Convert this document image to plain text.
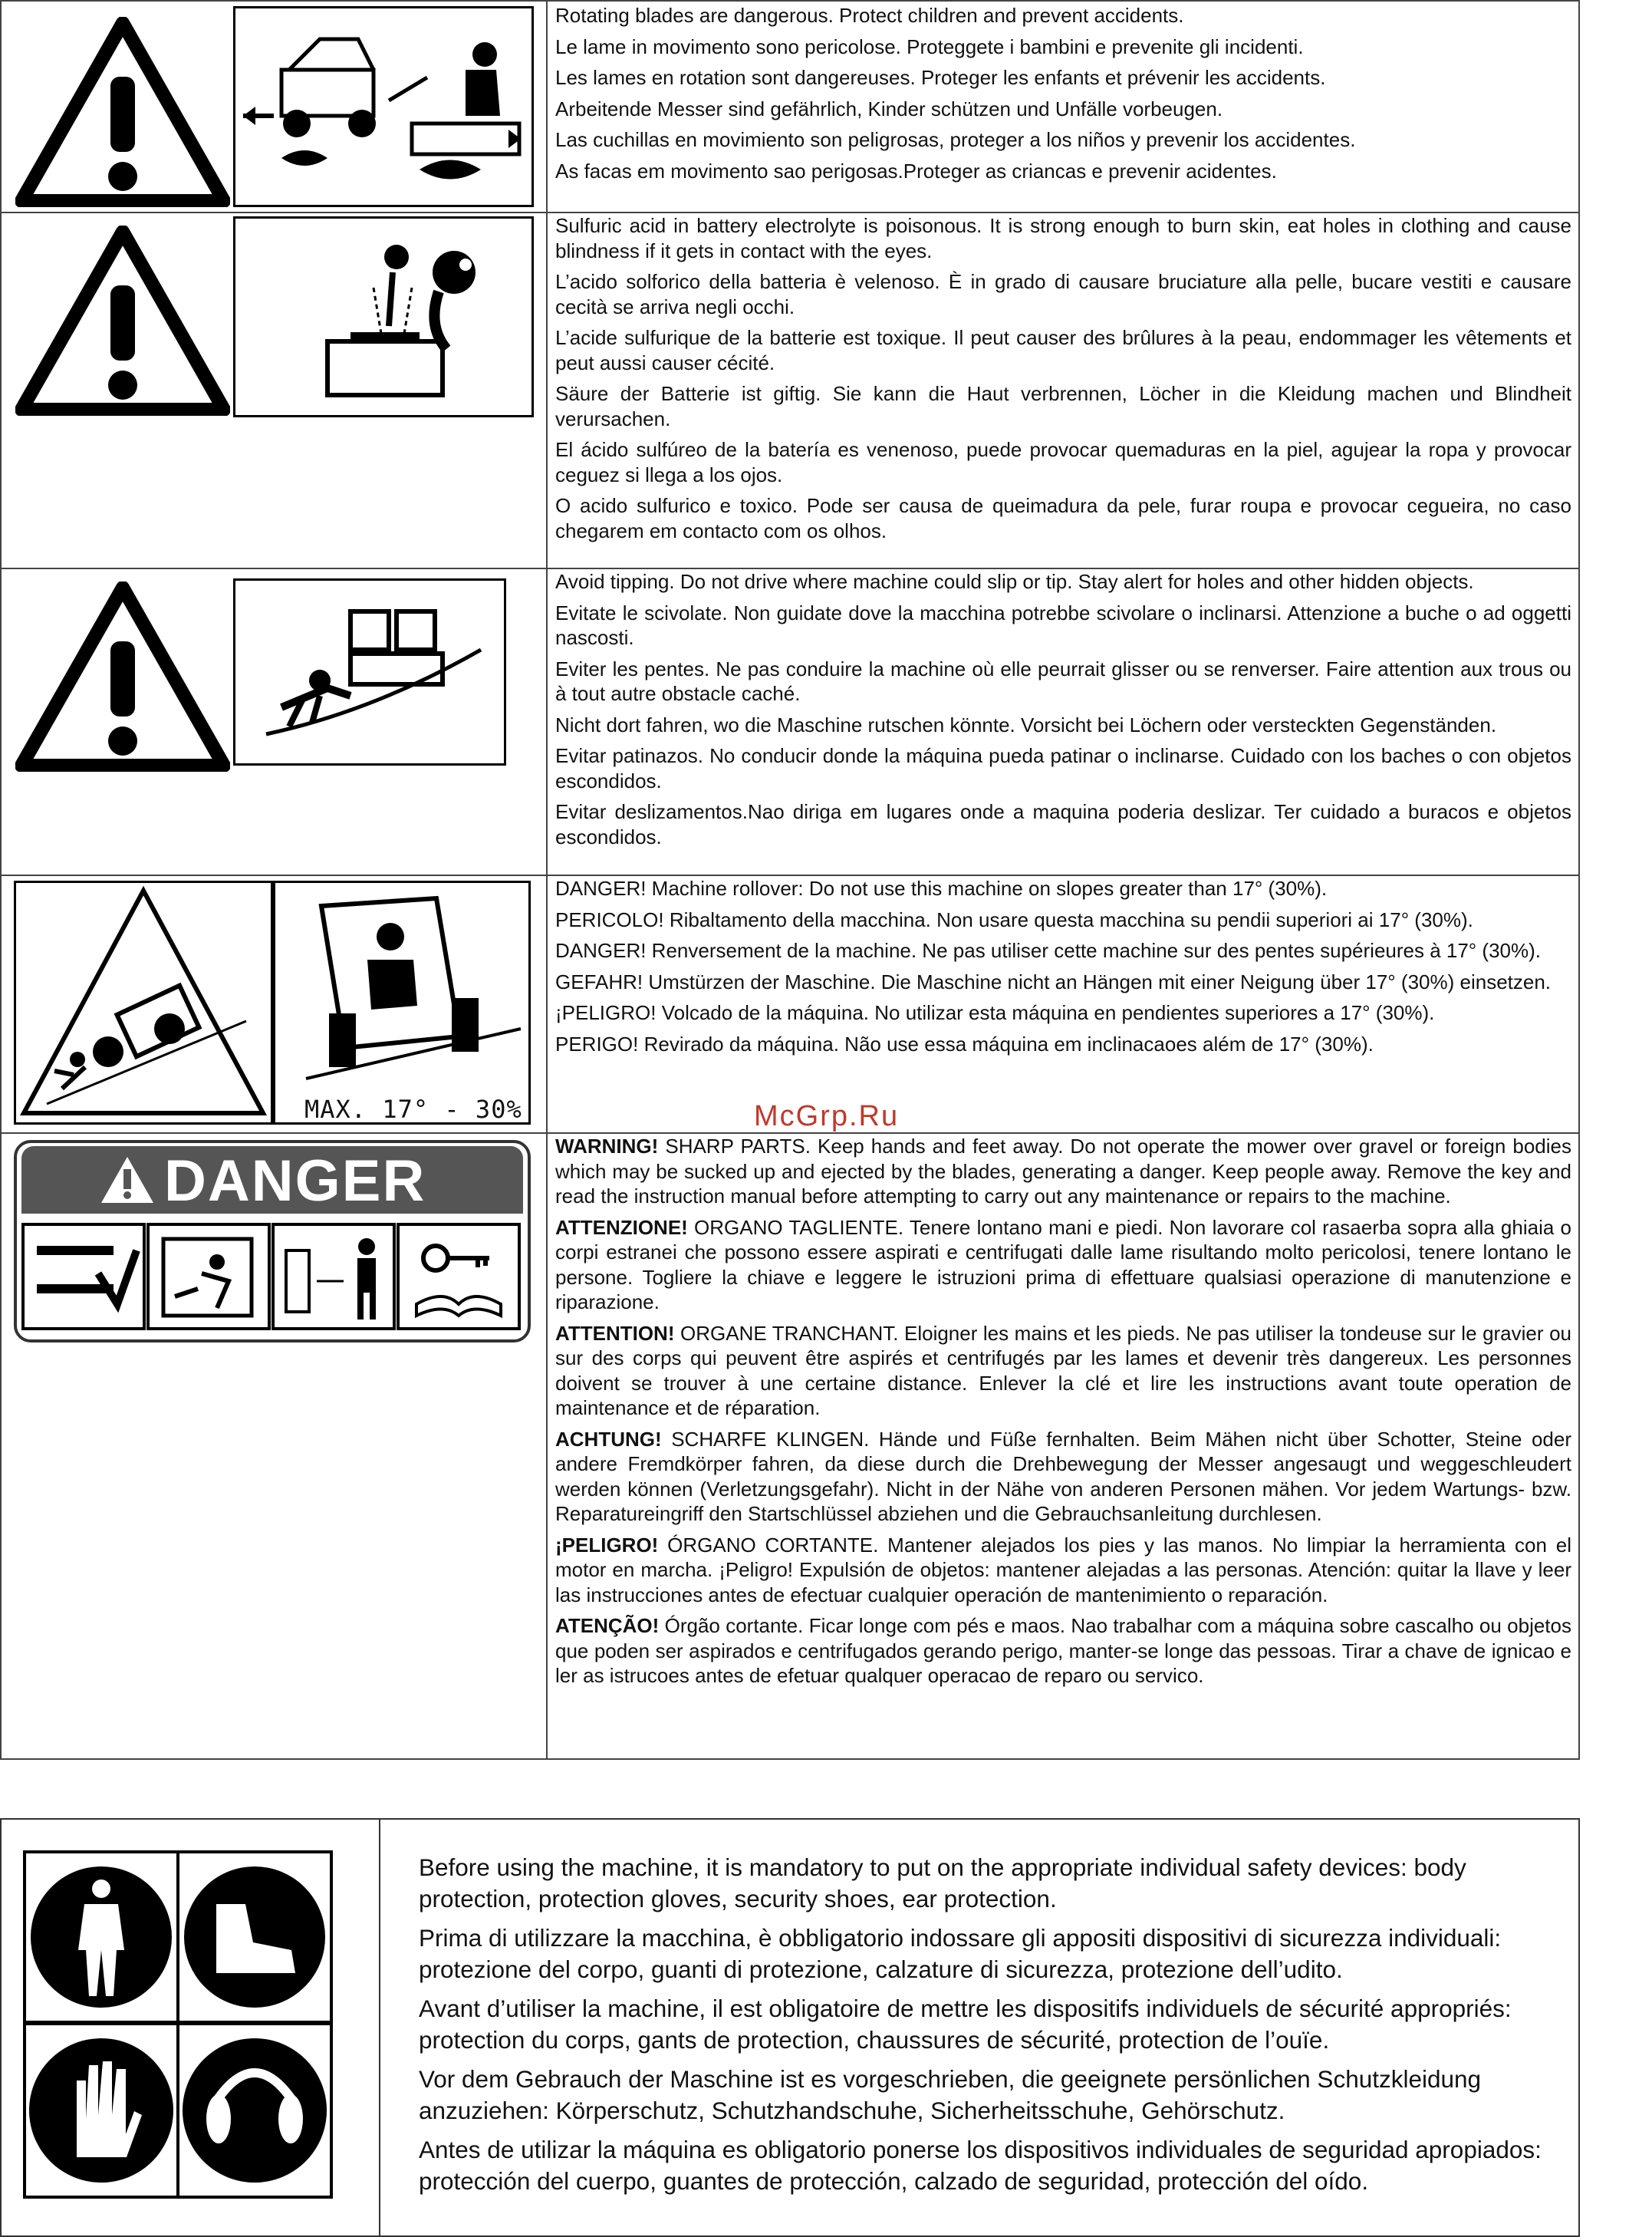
Rotating blades are dangerous. Protect children and prevent accidents.

Le lame in movimento sono pericolose. Proteggete i bambini e prevenite gli incidenti.

Les lames en rotation sont dangereuses. Proteger les enfants et prévenir les accidents.

Arbeitende Messer sind gefährlich, Kinder schützen und Unfälle vorbeugen.

Las cuchillas en movimiento son peligrosas, proteger a los niños y prevenir los accidentes.

As facas em movimento sao perigosas.Proteger as criancas e prevenir acidentes.

Sulfuric acid in battery electrolyte is poisonous. It is strong enough to burn skin, eat holes in clothing and cause blindness if it gets in contact with the eyes.

L’acido solforico della batteria è velenoso. È in grado di causare bruciature alla pelle, bucare vestiti e causare cecità se arriva negli occhi.

L’acide sulfurique de la batterie est toxique. Il peut causer des brûlures à la peau, endommager les vêtements et peut aussi causer cécité.

Säure der Batterie ist giftig. Sie kann die Haut verbrennen, Löcher in die Kleidung machen und Blindheit verursachen.

El ácido sulfúreo de la batería es venenoso, puede provocar quemaduras en la piel, agujear la ropa y provocar ceguez si llega a los ojos.

O acido sulfurico e toxico. Pode ser causa de queimadura da pele, furar roupa e provocar cegueira, no caso chegarem em contacto com os olhos.

Avoid tipping. Do not drive where machine could slip or tip. Stay alert for holes and other hidden objects.

Evitate le scivolate. Non guidate dove la macchina potrebbe scivolare o inclinarsi. Attenzione a buche o ad oggetti nascosti.

Eviter les pentes. Ne pas conduire la machine où elle peurrait glisser ou se renverser. Faire attention aux trous ou à tout autre obstacle caché.

Nicht dort fahren, wo die Maschine rutschen könnte. Vorsicht bei Löchern oder versteckten Gegenständen.

Evitar patinazos. No conducir donde la máquina pueda patinar o inclinarse. Cuidado con los baches o con objetos escondidos.

Evitar deslizamentos.Nao diriga em lugares onde a maquina poderia deslizar. Ter cuidado a buracos e objetos escondidos.

MAX. 17° - 30%

DANGER! Machine rollover: Do not use this machine on slopes greater than 17° (30%).

PERICOLO! Ribaltamento della macchina. Non usare questa macchina su pendii superiori ai 17° (30%).

DANGER! Renversement de la machine. Ne pas utiliser cette machine sur des pentes supérieures à 17° (30%).

GEFAHR! Umstürzen der Maschine. Die Maschine nicht an Hängen mit einer Neigung über 17° (30%) einsetzen.

¡PELIGRO! Volcado de la máquina. No utilizar esta máquina en pendientes superiores a 17° (30%).

PERIGO! Revirado da máquina. Não use essa máquina em inclinacaoes além de 17° (30%).

DANGER

WARNING! SHARP PARTS. Keep hands and feet away. Do not operate the mower over gravel or foreign bodies which may be sucked up and ejected by the blades, generating a danger. Keep people away. Remove the key and read the instruction manual before attempting to carry out any maintenance or repairs to the machine.

ATTENZIONE! ORGANO TAGLIENTE. Tenere lontano mani e piedi. Non lavorare col rasaerba sopra alla ghiaia o corpi estranei che possono essere aspirati e centrifugati dalle lame risultando molto pericolosi, tenere lontano le persone. Togliere la chiave e leggere le istruzioni prima di effettuare qualsiasi operazione di manutenzione e riparazione.

ATTENTION! ORGANE TRANCHANT. Eloigner les mains et les pieds. Ne pas utiliser la tondeuse sur le gravier ou sur des corps qui peuvent être aspirés et centrifugés par les lames et devenir très dangereux. Les personnes doivent se trouver à une certaine distance. Enlever la clé et lire les instructions avant toute operation de maintenance et de réparation.

ACHTUNG! SCHARFE KLINGEN. Hände und Füße fernhalten. Beim Mähen nicht über Schotter, Steine oder andere Fremdkörper fahren, da diese durch die Drehbewegung der Messer angesaugt und weggeschleudert werden können (Verletzungsgefahr). Nicht in der Nähe von anderen Personen mähen. Vor jedem Wartungs- bzw. Reparatureingriff den Startschlüssel abziehen und die Gebrauchsanleitung durchlesen.

¡PELIGRO! ÓRGANO CORTANTE. Mantener alejados los pies y las manos. No limpiar la herramienta con el motor en marcha. ¡Peligro! Expulsión de objetos: mantener alejadas a las personas. Atención: quitar la llave y leer las instrucciones antes de efectuar cualquier operación de mantenimiento o reparación.

ATENÇÃO! Órgão cortante. Ficar longe com pés e maos. Nao trabalhar com a máquina sobre cascalho ou objetos que poden ser aspirados e centrifugados gerando perigo, manter-se longe das pessoas. Tirar a chave de ignicao e ler as istrucoes antes de efetuar qualquer operacao de reparo ou servico.

McGrp.Ru

Before using the machine, it is mandatory to put on the appropriate individual safety devices: body protection, protection gloves, security shoes, ear protection.

Prima di utilizzare la macchina, è obbligatorio indossare gli appositi dispositivi di sicurezza individuali: protezione del corpo, guanti di protezione, calzature di sicurezza, protezione dell’udito.

Avant d’utiliser la machine, il est obligatoire de mettre les dispositifs individuels de sécurité appropriés: protection du corps, gants de protection, chaussures de sécurité, protection de l’ouïe.

Vor dem Gebrauch der Maschine ist es vorgeschrieben, die geeignete persönlichen Schutzkleidung anzuziehen: Körperschutz, Schutzhandschuhe, Sicherheitsschuhe, Gehörschutz.

Antes de utilizar la máquina es obligatorio ponerse los dispositivos individuales de seguridad apropiados: protección del cuerpo, guantes de protección, calzado de seguridad, protección del oído.
